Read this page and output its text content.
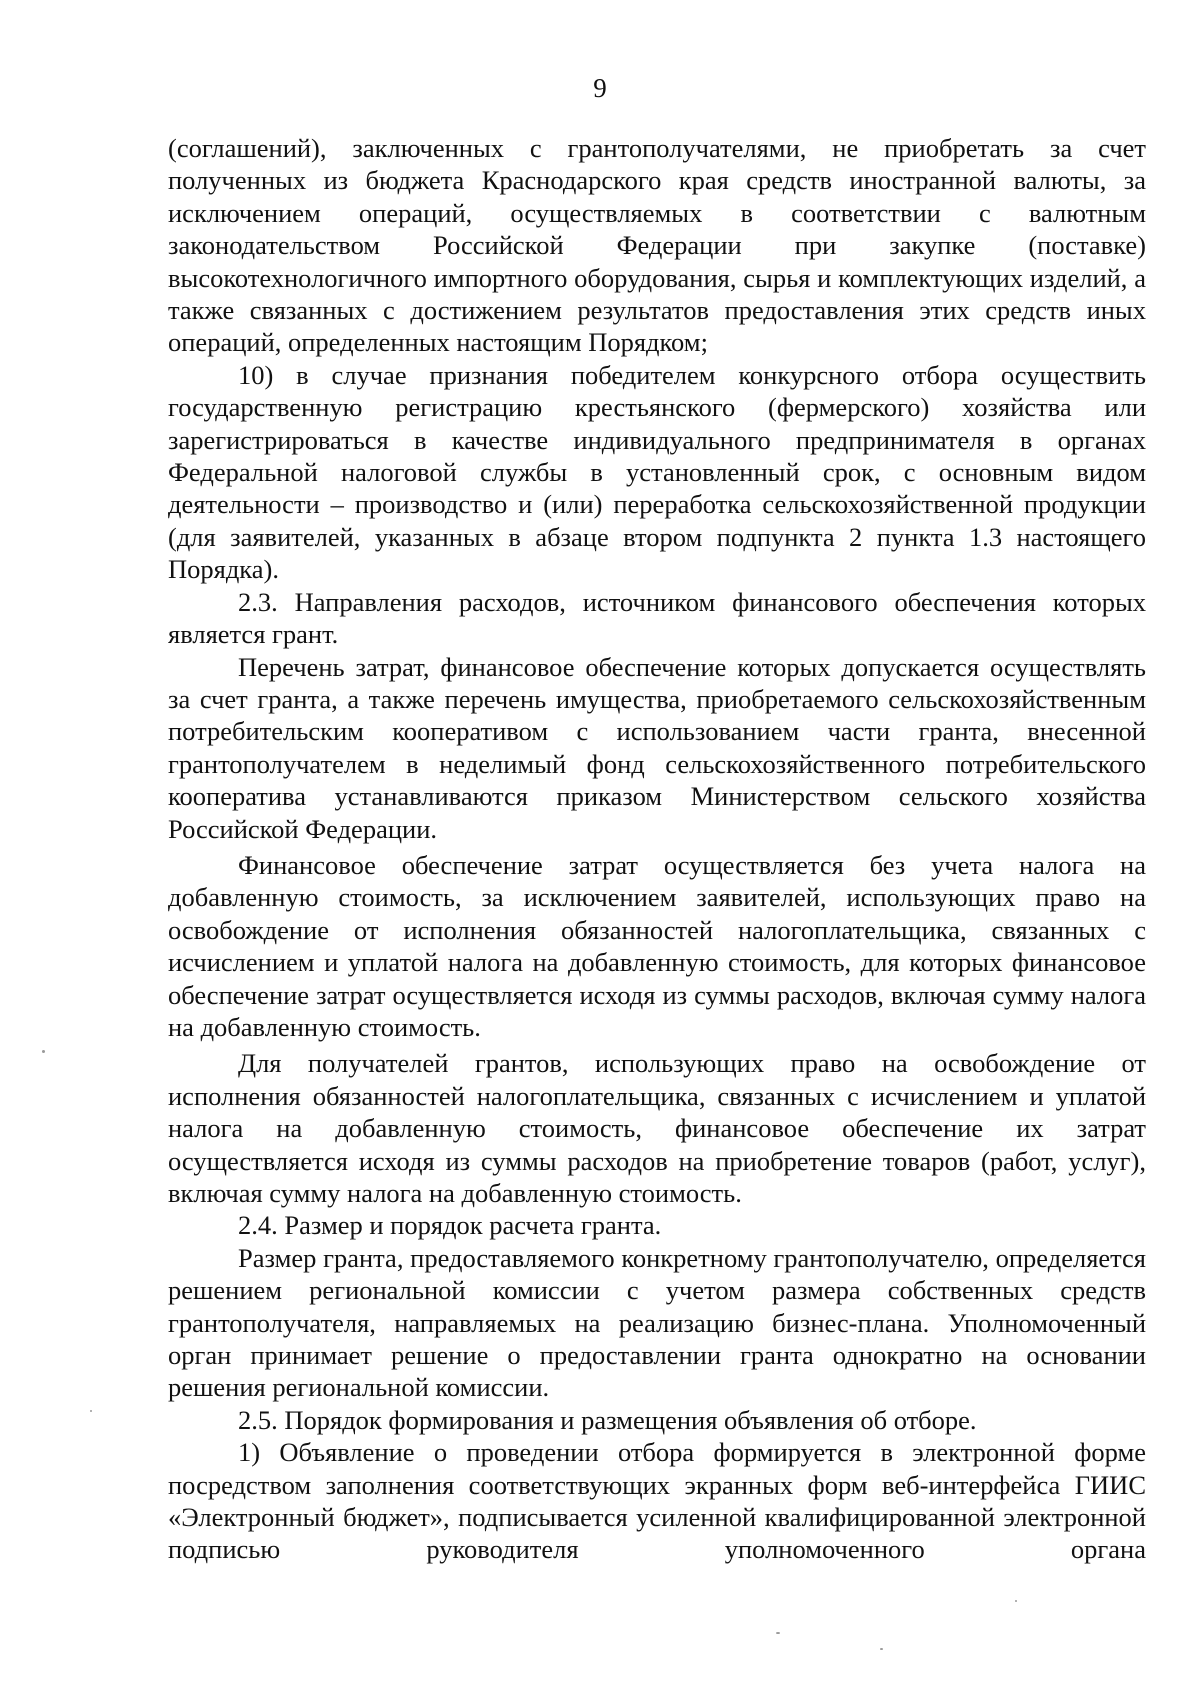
9

(соглашений), заключенных с грантополучателями, не приобретать за счет полученных из бюджета Краснодарского края средств иностранной валюты, за исключением операций, осуществляемых в соответствии с валютным законодательством Российской Федерации при закупке (поставке) высокотехнологичного импортного оборудования, сырья и комплектующих изделий, а также связанных с достижением результатов предоставления этих средств иных операций, определенных настоящим Порядком;

10) в случае признания победителем конкурсного отбора осуществить государственную регистрацию крестьянского (фермерского) хозяйства или зарегистрироваться в качестве индивидуального предпринимателя в органах Федеральной налоговой службы в установленный срок, с основным видом деятельности – производство и (или) переработка сельскохозяйственной продукции (для заявителей, указанных в абзаце втором подпункта 2 пункта 1.3 настоящего Порядка).

2.3. Направления расходов, источником финансового обеспечения которых является грант.

Перечень затрат, финансовое обеспечение которых допускается осуществлять за счет гранта, а также перечень имущества, приобретаемого сельскохозяйственным потребительским кооперативом с использованием части гранта, внесенной грантополучателем в неделимый фонд сельскохозяйственного потребительского кооператива устанавливаются приказом Министерством сельского хозяйства Российской Федерации.

Финансовое обеспечение затрат осуществляется без учета налога на добавленную стоимость, за исключением заявителей, использующих право на освобождение от исполнения обязанностей налогоплательщика, связанных с исчислением и уплатой налога на добавленную стоимость, для которых финансовое обеспечение затрат осуществляется исходя из суммы расходов, включая сумму налога на добавленную стоимость.

Для получателей грантов, использующих право на освобождение от исполнения обязанностей налогоплательщика, связанных с исчислением и уплатой налога на добавленную стоимость, финансовое обеспечение их затрат осуществляется исходя из суммы расходов на приобретение товаров (работ, услуг), включая сумму налога на добавленную стоимость.

2.4. Размер и порядок расчета гранта.

Размер гранта, предоставляемого конкретному грантополучателю, определяется решением региональной комиссии с учетом размера собственных средств грантополучателя, направляемых на реализацию бизнес-плана. Уполномоченный орган принимает решение о предоставлении гранта однократно на основании решения региональной комиссии.

2.5. Порядок формирования и размещения объявления об отборе.

1) Объявление о проведении отбора формируется в электронной форме посредством заполнения соответствующих экранных форм веб-интерфейса ГИИС «Электронный бюджет», подписывается усиленной квалифицированной электронной подписью руководителя уполномоченного органа
